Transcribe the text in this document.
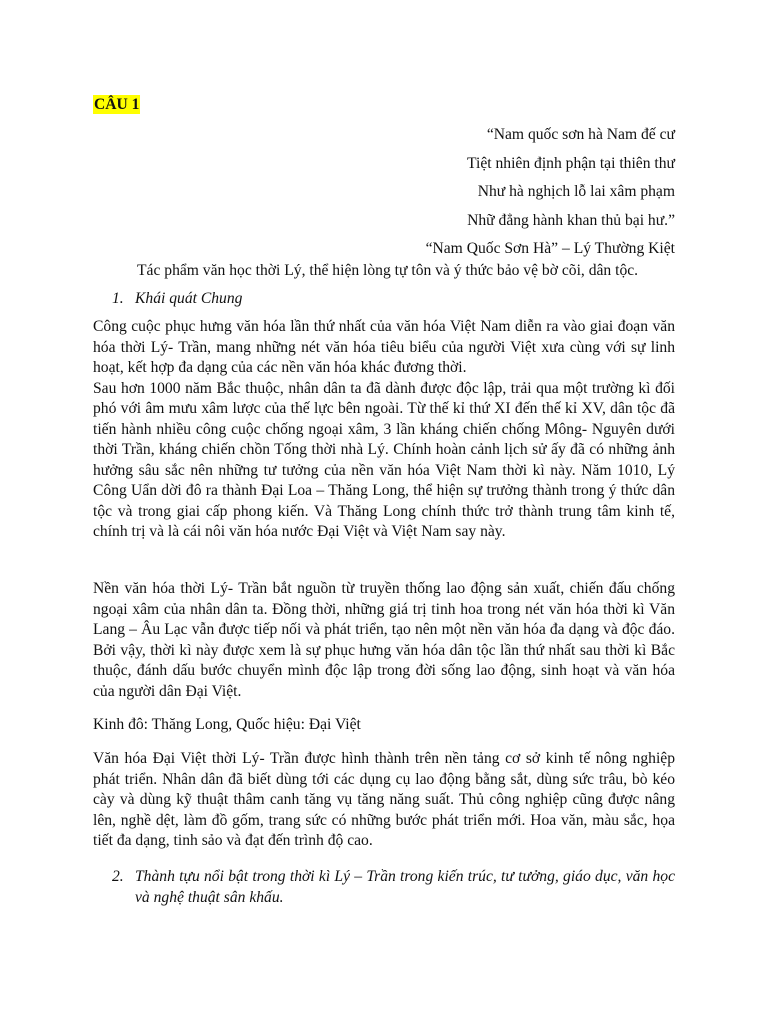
CÂU 1
“Nam quốc sơn hà Nam đế cư
Tiệt nhiên định phận tại thiên thư
Như hà nghịch lỗ lai xâm phạm
Nhữ đẳng hành khan thủ bại hư.”
“Nam Quốc Sơn Hà” – Lý Thường Kiệt
Tác phẩm văn học thời Lý, thể hiện lòng tự tôn và ý thức bảo vệ bờ cõi, dân tộc.
1. Khái quát Chung

Công cuộc phục hưng văn hóa lần thứ nhất của văn hóa Việt Nam diễn ra vào giai đoạn văn hóa thời Lý- Trần, mang những nét văn hóa tiêu biểu của người Việt xưa cùng với sự linh hoạt, kết hợp đa dạng của các nền văn hóa khác đương thời.

Sau hơn 1000 năm Bắc thuộc, nhân dân ta đã dành được độc lập, trải qua một trường kì đối phó với âm mưu xâm lược của thế lực bên ngoài. Từ thế kỉ thứ XI đến thế kỉ XV, dân tộc đã tiến hành nhiều công cuộc chống ngoại xâm, 3 lần kháng chiến chống Mông- Nguyên dưới thời Trần, kháng chiến chồn Tống thời nhà Lý. Chính hoàn cảnh lịch sử ấy đã có những ảnh hưởng sâu sắc nên những tư tưởng của nền văn hóa Việt Nam thời kì này. Năm 1010, Lý Công Uẩn dời đô ra thành Đại Loa – Thăng Long, thể hiện sự trưởng thành trong ý thức dân tộc và trong giai cấp phong kiến. Và Thăng Long chính thức trở thành trung tâm kinh tế, chính trị và là cái nôi văn hóa nước Đại Việt và Việt Nam say này.

Nền văn hóa thời Lý- Trần bắt nguồn từ truyền thống lao động sản xuất, chiến đấu chống ngoại xâm của nhân dân ta. Đồng thời, những giá trị tinh hoa trong nét văn hóa thời kì Văn Lang – Âu Lạc vẫn được tiếp nối và phát triển, tạo nên một nền văn hóa đa dạng và độc đáo. Bởi vậy, thời kì này được xem là sự phục hưng văn hóa dân tộc lần thứ nhất sau thời kì Bắc thuộc, đánh dấu bước chuyển mình độc lập trong đời sống lao động, sinh hoạt và văn hóa của người dân Đại Việt.

Kinh đô: Thăng Long, Quốc hiệu: Đại Việt

Văn hóa Đại Việt thời Lý- Trần được hình thành trên nền tảng cơ sở kinh tế nông nghiệp phát triển. Nhân dân đã biết dùng tới các dụng cụ lao động bằng sắt, dùng sức trâu, bò kéo cày và dùng kỹ thuật thâm canh tăng vụ tăng năng suất. Thủ công nghiệp cũng được nâng lên, nghề dệt, làm đồ gốm, trang sức có những bước phát triển mới. Hoa văn, màu sắc, họa tiết đa dạng, tinh sảo và đạt đến trình độ cao.

2. Thành tựu nổi bật trong thời kì Lý – Trần trong kiến trúc, tư tưởng, giáo dục, văn học và nghệ thuật sân khấu.
